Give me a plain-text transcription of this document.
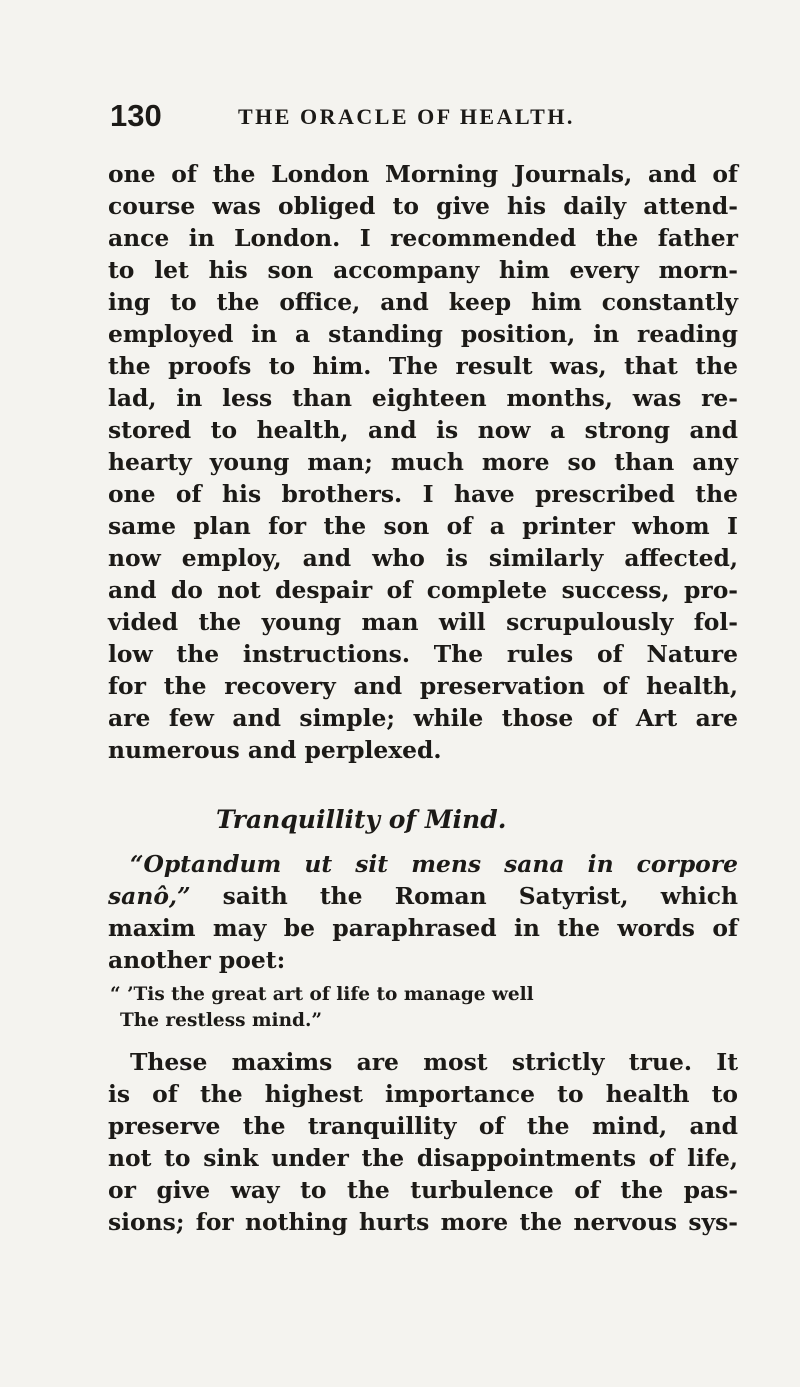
130	THE ORACLE OF HEALTH.
one of the London Morning Journals, and of
course was obliged to give his daily attend-
ance in London. I recommended the father
to let his son accompany him every morn-
ing to the office, and keep him constantly
employed in a standing position, in reading
the proofs to him. The result was, that the
lad, in less than eighteen months, was re-
stored to health, and is now a strong and
hearty young man; much more so than any
one of his brothers. I have prescribed the
same plan for the son of a printer whom I
now employ, and who is similarly affected,
and do not despair of complete success, pro-
vided the young man will scrupulously fol-
low the instructions. The rules of Nature
for the recovery and preservation of health,
are few and simple; while those of Art are
numerous and perplexed.
Tranquillity of Mind.
“Optandum ut sit mens sana in corpore
sanô,” saith the Roman Satyrist, which
maxim may be paraphrased in the words of
another poet:
“ ’Tis the great art of life to manage well
The restless mind.”
These maxims are most strictly true. It
is of the highest importance to health to
preserve the tranquillity of the mind, and
not to sink under the disappointments of life,
or give way to the turbulence of the pas-
sions; for nothing hurts more the nervous sys-
